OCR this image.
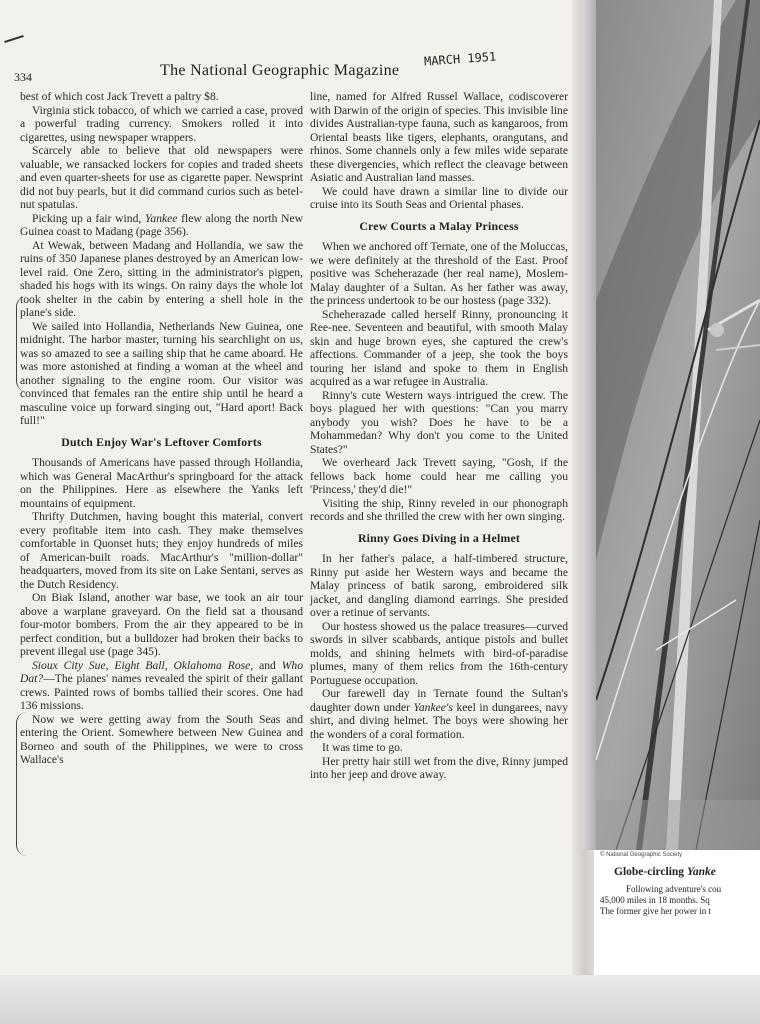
334	The National Geographic Magazine
MARCH 1951

best of which cost Jack Trevett a paltry $8.

Virginia stick tobacco, of which we carried a case, proved a powerful trading currency. Smokers rolled it into cigarettes, using newspaper wrappers.

Scarcely able to believe that old newspapers were valuable, we ransacked lockers for copies and traded sheets and even quarter-sheets for use as cigarette paper. Newsprint did not buy pearls, but it did command curios such as betel-nut spatulas.

Picking up a fair wind, Yankee flew along the north New Guinea coast to Madang (page 356).

At Wewak, between Madang and Hollandia, we saw the ruins of 350 Japanese planes destroyed by an American low-level raid. One Zero, sitting in the administrator's pigpen, shaded his hogs with its wings. On rainy days the whole lot took shelter in the cabin by entering a shell hole in the plane's side.

We sailed into Hollandia, Netherlands New Guinea, one midnight. The harbor master, turning his searchlight on us, was so amazed to see a sailing ship that he came aboard. He was more astonished at finding a woman at the wheel and another signaling to the engine room. Our visitor was convinced that females ran the entire ship until he heard a masculine voice up forward singing out, "Hard aport! Back full!"

Dutch Enjoy War's Leftover Comforts

Thousands of Americans have passed through Hollandia, which was General MacArthur's springboard for the attack on the Philippines. Here as elsewhere the Yanks left mountains of equipment.

Thrifty Dutchmen, having bought this material, convert every profitable item into cash. They make themselves comfortable in Quonset huts; they enjoy hundreds of miles of American-built roads. MacArthur's "million-dollar" headquarters, moved from its site on Lake Sentani, serves as the Dutch Residency.

On Biak Island, another war base, we took an air tour above a warplane graveyard. On the field sat a thousand four-motor bombers. From the air they appeared to be in perfect condition, but a bulldozer had broken their backs to prevent illegal use (page 345).

Sioux City Sue, Eight Ball, Oklahoma Rose, and Who Dat?—The planes' names revealed the spirit of their gallant crews. Painted rows of bombs tallied their scores. One had 136 missions.

Now we were getting away from the South Seas and entering the Orient. Somewhere between New Guinea and Borneo and south of the Philippines, we were to cross Wallace's

line, named for Alfred Russel Wallace, codiscoverer with Darwin of the origin of species. This invisible line divides Australian-type fauna, such as kangaroos, from Oriental beasts like tigers, elephants, orangutans, and rhinos. Some channels only a few miles wide separate these divergencies, which reflect the cleavage between Asiatic and Australian land masses.

We could have drawn a similar line to divide our cruise into its South Seas and Oriental phases.

Crew Courts a Malay Princess

When we anchored off Ternate, one of the Moluccas, we were definitely at the threshold of the East. Proof positive was Scheherazade (her real name), Moslem-Malay daughter of a Sultan. As her father was away, the princess undertook to be our hostess (page 332).

Scheherazade called herself Rinny, pronouncing it Ree-nee. Seventeen and beautiful, with smooth Malay skin and huge brown eyes, she captured the crew's affections. Commander of a jeep, she took the boys touring her island and spoke to them in English acquired as a war refugee in Australia.

Rinny's cute Western ways intrigued the crew. The boys plagued her with questions: "Can you marry anybody you wish? Does he have to be a Mohammedan? Why don't you come to the United States?"

We overheard Jack Trevett saying, "Gosh, if the fellows back home could hear me calling you 'Princess,' they'd die!"

Visiting the ship, Rinny reveled in our phonograph records and she thrilled the crew with her own singing.

Rinny Goes Diving in a Helmet

In her father's palace, a half-timbered structure, Rinny put aside her Western ways and became the Malay princess of batik sarong, embroidered silk jacket, and dangling diamond earrings. She presided over a retinue of servants.

Our hostess showed us the palace treasures—curved swords in silver scabbards, antique pistols and bullet molds, and shining helmets with bird-of-paradise plumes, many of them relics from the 16th-century Portuguese occupation.

Our farewell day in Ternate found the Sultan's daughter down under Yankee's keel in dungarees, navy shirt, and diving helmet. The boys were showing her the wonders of a coral formation.

It was time to go.

Her pretty hair still wet from the dive, Rinny jumped into her jeep and drove away.

© National Geographic Society
Globe-circling Yanke
Following adventure's cou
45,000 miles in 18 months. Sq
The former give her power in t
